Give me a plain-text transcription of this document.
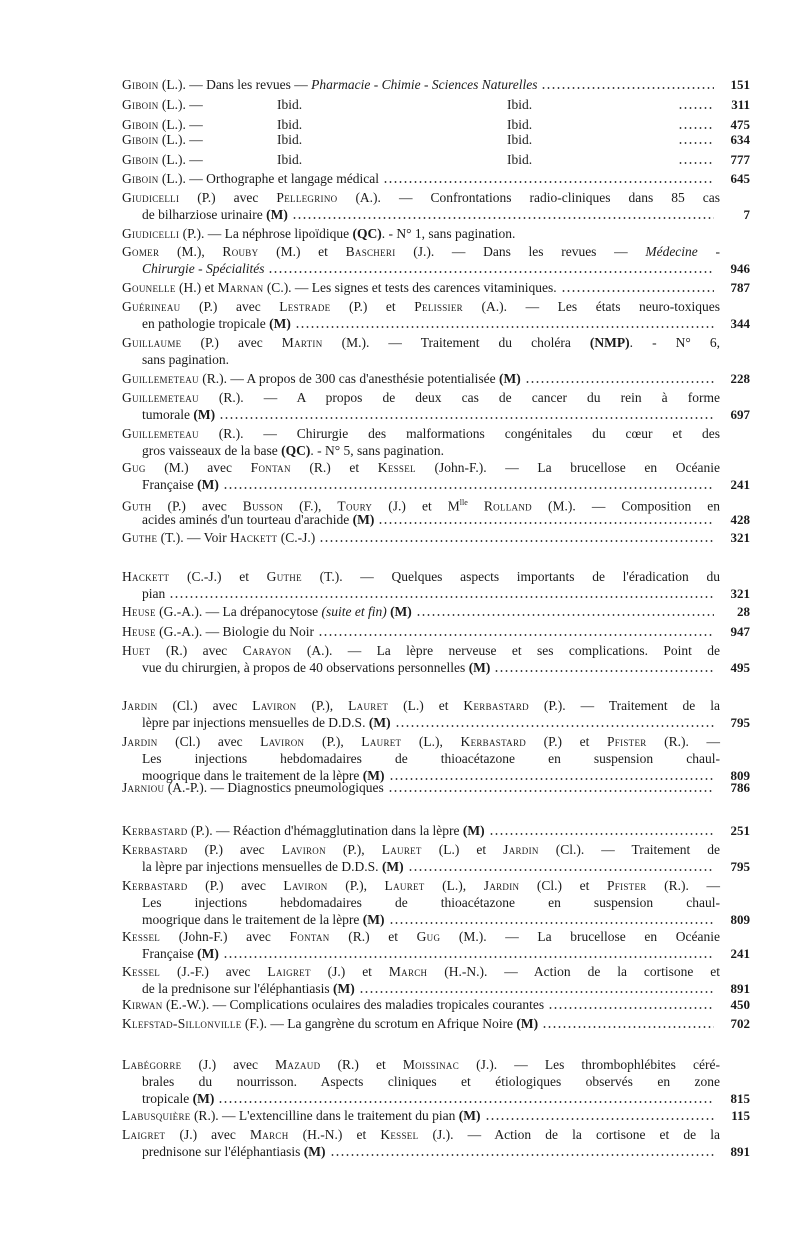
Giboin (L.). — Dans les revues — Pharmacie - Chimie - Sciences Naturelles	151
Giboin (L.). —	Ibid.	Ibid.	311
Giboin (L.). —	Ibid.	Ibid.	475
Giboin (L.). —	Ibid.	Ibid.	634
Giboin (L.). —	Ibid.	Ibid.	777
Giboin (L.). — Orthographe et langage médical	645
Giudicelli (P.) avec Pellegrino (A.). — Confrontations radio-cliniques dans 85 cas
de bilharziose urinaire (M)	7
Giudicelli (P.). — La néphrose lipoïdique (QC). - N° 1, sans pagination.
Gomer (M.), Rouby (M.) et Bascheri (J.). — Dans les revues — Médecine -
Chirurgie - Spécialités	946
Gounelle (H.) et Marnan (C.). — Les signes et tests des carences vitaminiques.	787
Guérineau (P.) avec Lestrade (P.) et Pelissier (A.). — Les états neuro-toxiques
en pathologie tropicale (M)	344
Guillaume (P.) avec Martin (M.). — Traitement du choléra (NMP). - N° 6,
sans pagination.
Guillemeteau (R.). — A propos de 300 cas d'anesthésie potentialisée (M)	228
Guillemeteau (R.). — A propos de deux cas de cancer du rein à forme
tumorale (M)	697
Guillemeteau (R.). — Chirurgie des malformations congénitales du cœur et des
gros vaisseaux de la base (QC). - N° 5, sans pagination.
Gug (M.) avec Fontan (R.) et Kessel (John-F.). — La brucellose en Océanie
Française (M)	241
Guth (P.) avec Busson (F.), Toury (J.) et $M^{lle}$ Rolland (M.). — Composition en
acides aminés d'un tourteau d'arachide (M)	428
Guthe (T.). — Voir Hackett (C.-J.)	321
Hackett (C.-J.) et Guthe (T.). — Quelques aspects importants de l'éradication du
pian	321
Heuse (G.-A.). — La drépanocytose (suite et fin) (M)	28
Heuse (G.-A.). — Biologie du Noir	947
Huet (R.) avec Carayon (A.). — La lèpre nerveuse et ses complications. Point de
vue du chirurgien, à propos de 40 observations personnelles (M)	495
Jardin (Cl.) avec Laviron (P.), Lauret (L.) et Kerbastard (P.). — Traitement de la
lèpre par injections mensuelles de D.D.S. (M)	795
Jardin (Cl.) avec Laviron (P.), Lauret (L.), Kerbastard (P.) et Pfister (R.). —
Les injections hebdomadaires de thioacétazone en suspension chaul-
moogrique dans le traitement de la lèpre (M)	809
Jarniou (A.-P.). — Diagnostics pneumologiques	786
Kerbastard (P.). — Réaction d'hémagglutination dans la lèpre (M)	251
Kerbastard (P.) avec Laviron (P.), Lauret (L.) et Jardin (Cl.). — Traitement de
la lèpre par injections mensuelles de D.D.S. (M)	795
Kerbastard (P.) avec Laviron (P.), Lauret (L.), Jardin (Cl.) et Pfister (R.). —
Les injections hebdomadaires de thioacétazone en suspension chaul-
moogrique dans le traitement de la lèpre (M)	809
Kessel (John-F.) avec Fontan (R.) et Gug (M.). — La brucellose en Océanie
Française (M)	241
Kessel (J.-F.) avec Laigret (J.) et March (H.-N.). — Action de la cortisone et
de la prednisone sur l'éléphantiasis (M)	891
Kirwan (E.-W.). — Complications oculaires des maladies tropicales courantes	450
Klefstad-Sillonville (F.). — La gangrène du scrotum en Afrique Noire (M)	702
Labégorre (J.) avec Mazaud (R.) et Moissinac (J.). — Les thrombophlébites céré-
brales du nourrisson. Aspects cliniques et étiologiques observés en zone
tropicale (M)	815
Labusquière (R.). — L'extencilline dans le traitement du pian (M)	115
Laigret (J.) avec March (H.-N.) et Kessel (J.). — Action de la cortisone et de la
prednisone sur l'éléphantiasis (M)	891
